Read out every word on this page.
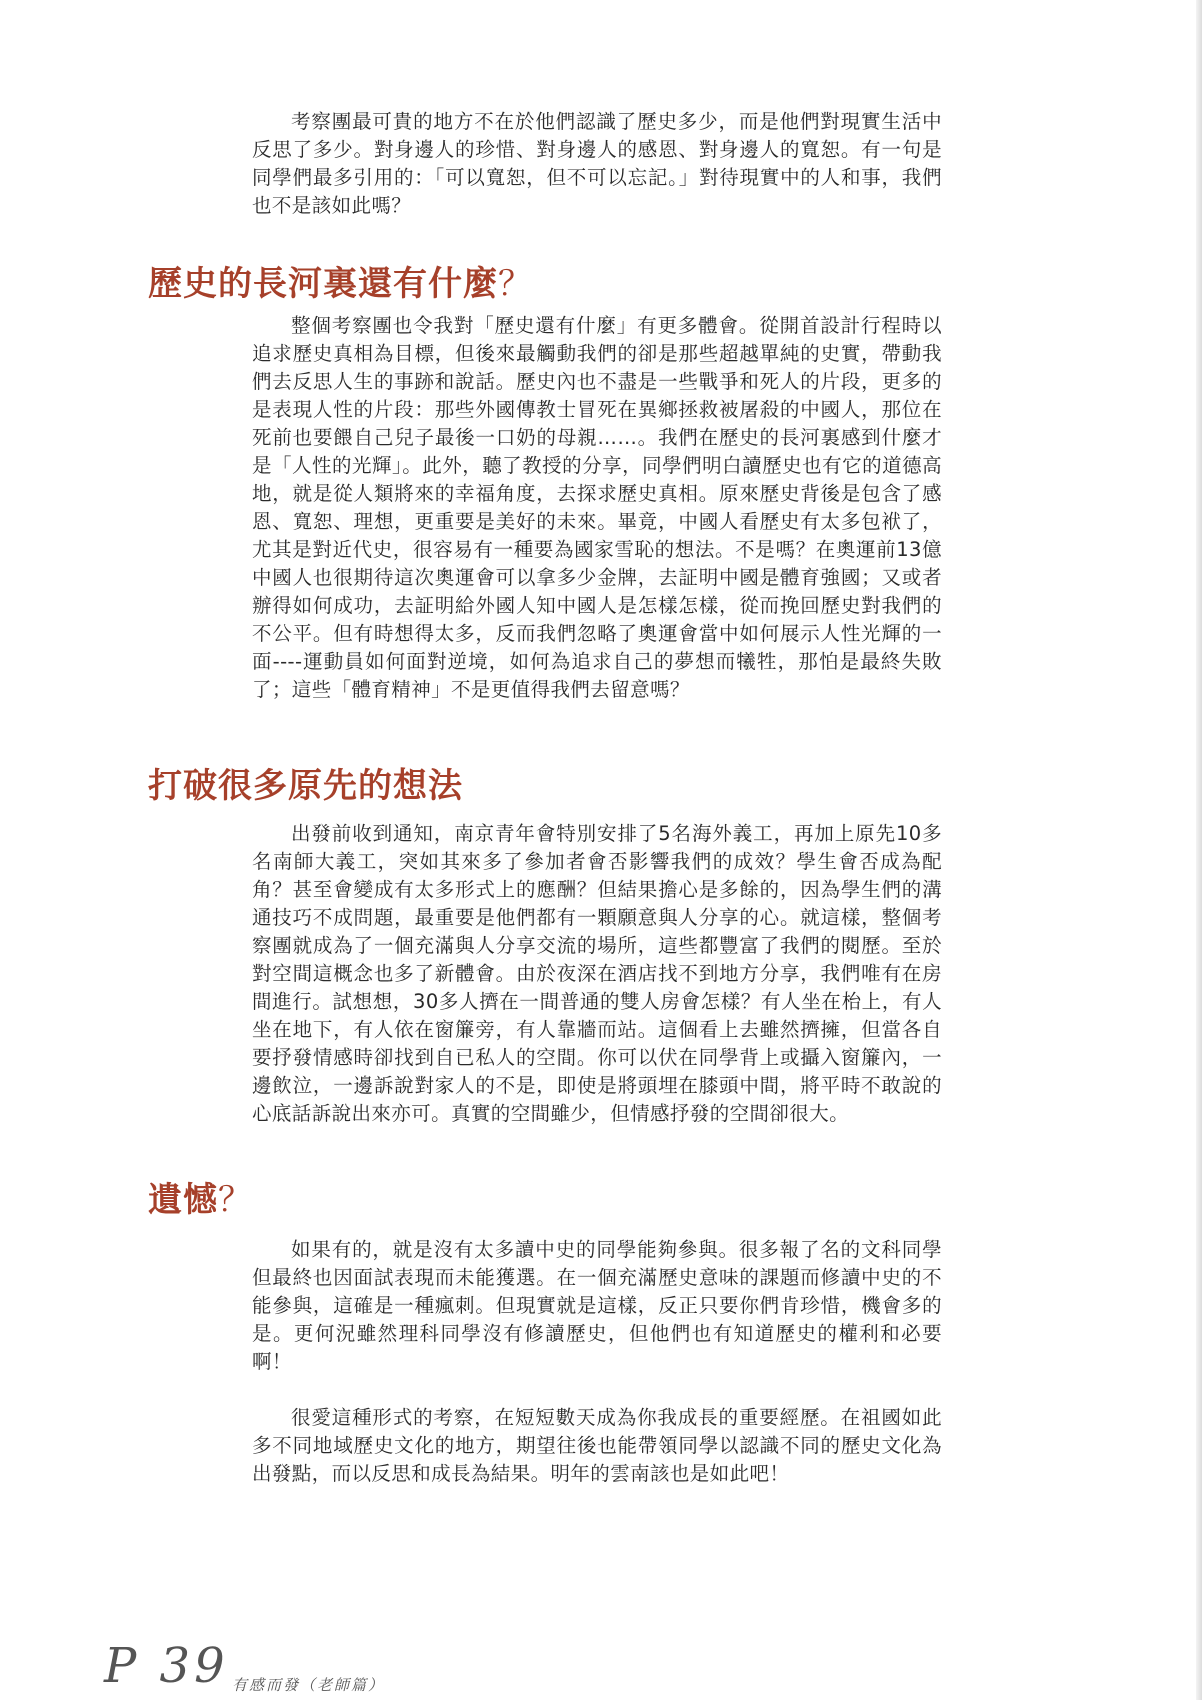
考察團最可貴的地方不在於他們認識了歷史多少，而是他們對現實生活中反思了多少。對身邊人的珍惜、對身邊人的感恩、對身邊人的寬恕。有一句是同學們最多引用的：「可以寬恕，但不可以忘記。」對待現實中的人和事，我們也不是該如此嗎？

歷史的長河裏還有什麼？

整個考察團也令我對「歷史還有什麼」有更多體會。從開首設計行程時以追求歷史真相為目標，但後來最觸動我們的卻是那些超越單純的史實，帶動我們去反思人生的事跡和說話。歷史內也不盡是一些戰爭和死人的片段，更多的是表現人性的片段：那些外國傳教士冒死在異鄉拯救被屠殺的中國人，那位在死前也要餵自己兒子最後一口奶的母親……。我們在歷史的長河裏感到什麼才是「人性的光輝」。此外，聽了教授的分享，同學們明白讀歷史也有它的道德高地，就是從人類將來的幸福角度，去探求歷史真相。原來歷史背後是包含了感恩、寬恕、理想，更重要是美好的未來。畢竟，中國人看歷史有太多包袱了，尤其是對近代史，很容易有一種要為國家雪恥的想法。不是嗎？在奧運前13億中國人也很期待這次奧運會可以拿多少金牌，去証明中國是體育強國；又或者辦得如何成功，去証明給外國人知中國人是怎樣怎樣，從而挽回歷史對我們的不公平。但有時想得太多，反而我們忽略了奧運會當中如何展示人性光輝的一面----運動員如何面對逆境，如何為追求自己的夢想而犧牲，那怕是最終失敗了；這些「體育精神」不是更值得我們去留意嗎？

打破很多原先的想法

出發前收到通知，南京青年會特別安排了5名海外義工，再加上原先10多名南師大義工，突如其來多了參加者會否影響我們的成效？學生會否成為配角？甚至會變成有太多形式上的應酬？但結果擔心是多餘的，因為學生們的溝通技巧不成問題，最重要是他們都有一顆願意與人分享的心。就這樣，整個考察團就成為了一個充滿與人分享交流的場所，這些都豐富了我們的閱歷。至於對空間這概念也多了新體會。由於夜深在酒店找不到地方分享，我們唯有在房間進行。試想想，30多人擠在一間普通的雙人房會怎樣？有人坐在枱上，有人坐在地下，有人依在窗簾旁，有人靠牆而站。這個看上去雖然擠擁，但當各自要抒發情感時卻找到自已私人的空間。你可以伏在同學背上或攝入窗簾內，一邊飲泣，一邊訴說對家人的不是，即使是將頭埋在膝頭中間，將平時不敢說的心底話訴說出來亦可。真實的空間雖少，但情感抒發的空間卻很大。

遺憾？

如果有的，就是沒有太多讀中史的同學能夠參與。很多報了名的文科同學但最終也因面試表現而未能獲選。在一個充滿歷史意味的課題而修讀中史的不能參與，這確是一種瘋刺。但現實就是這樣，反正只要你們肯珍惜，機會多的是。更何況雖然理科同學沒有修讀歷史，但他們也有知道歷史的權利和必要啊！

很愛這種形式的考察，在短短數天成為你我成長的重要經歷。在祖國如此多不同地域歷史文化的地方，期望往後也能帶領同學以認識不同的歷史文化為出發點，而以反思和成長為結果。明年的雲南該也是如此吧！

P 39 有感而發（老師篇）
